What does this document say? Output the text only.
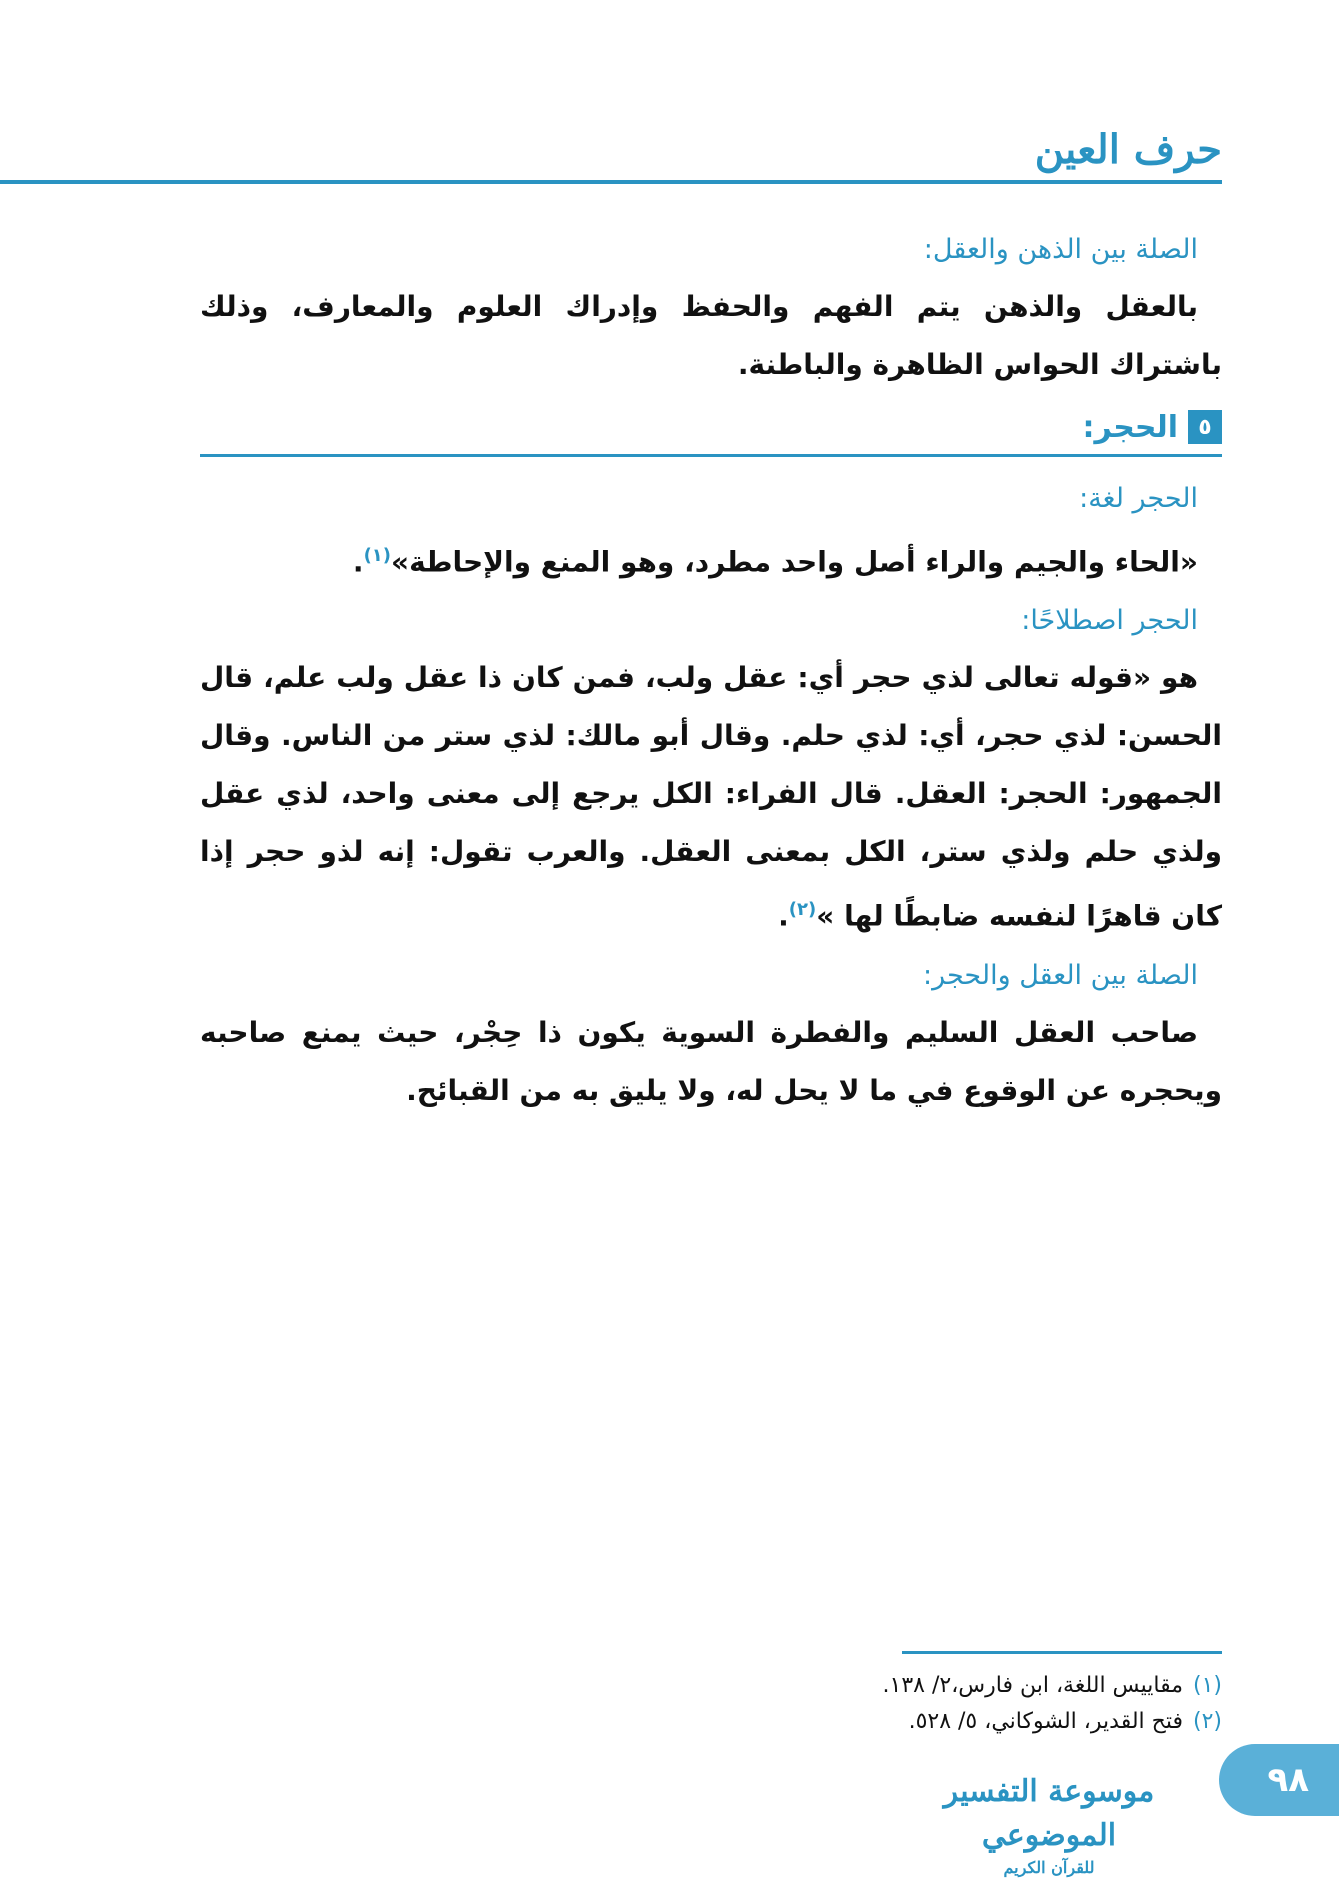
حرف العين
الصلة بين الذهن والعقل:

بالعقل والذهن يتم الفهم والحفظ وإدراك العلوم والمعارف، وذلك باشتراك الحواس الظاهرة والباطنة.

٥
الحجر:
الحجر لغة:

«الحاء والجيم والراء أصل واحد مطرد، وهو المنع والإحاطة»$^{(١)}$.

الحجر اصطلاحًا:

هو «قوله تعالى لذي حجر أي: عقل ولب، فمن كان ذا عقل ولب علم، قال الحسن: لذي حجر، أي: لذي حلم. وقال أبو مالك: لذي ستر من الناس. وقال الجمهور: الحجر: العقل. قال الفراء: الكل يرجع إلى معنى واحد، لذي عقل ولذي حلم ولذي ستر، الكل بمعنى العقل. والعرب تقول: إنه لذو حجر إذا كان قاهرًا لنفسه ضابطًا لها »$^{(٢)}$.

الصلة بين العقل والحجر:

صاحب العقل السليم والفطرة السوية يكون ذا حِجْر، حيث يمنع صاحبه ويحجره عن الوقوع في ما لا يحل له، ولا يليق به من القبائح.

(١)
مقاييس اللغة، ابن فارس،٢/ ١٣٨.
(٢)
فتح القدير، الشوكاني، ٥/ ٥٢٨.
موسوعة التفسير الموضوعي
للقرآن الكريم
٩٨
